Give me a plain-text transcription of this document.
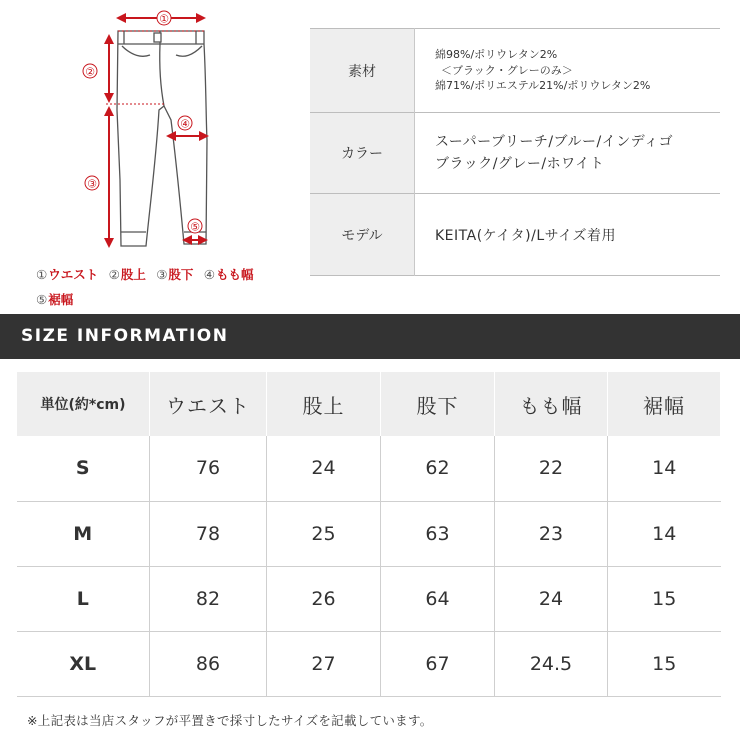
①
②
③
④
⑤
①ウエスト ②股上 ③股下 ④もも幅
⑤裾幅
素材	綿98%/ポリウレタン2%
＜ブラック・グレーのみ＞
綿71%/ポリエステル21%/ポリウレタン2%

カラー	スーパーブリーチ/ブルー/インディゴ
ブラック/グレー/ホワイト

モデル	KEITA(ケイタ)/Lサイズ着用
SIZE INFORMATION
単位(約*cm)	ウエスト	股上	股下	もも幅	裾幅
S	76	24	62	22	14
M	78	25	63	23	14
L	82	26	64	24	15
XL	86	27	67	24.5	15
※上記表は当店スタッフが平置きで採寸したサイズを記載しています。
